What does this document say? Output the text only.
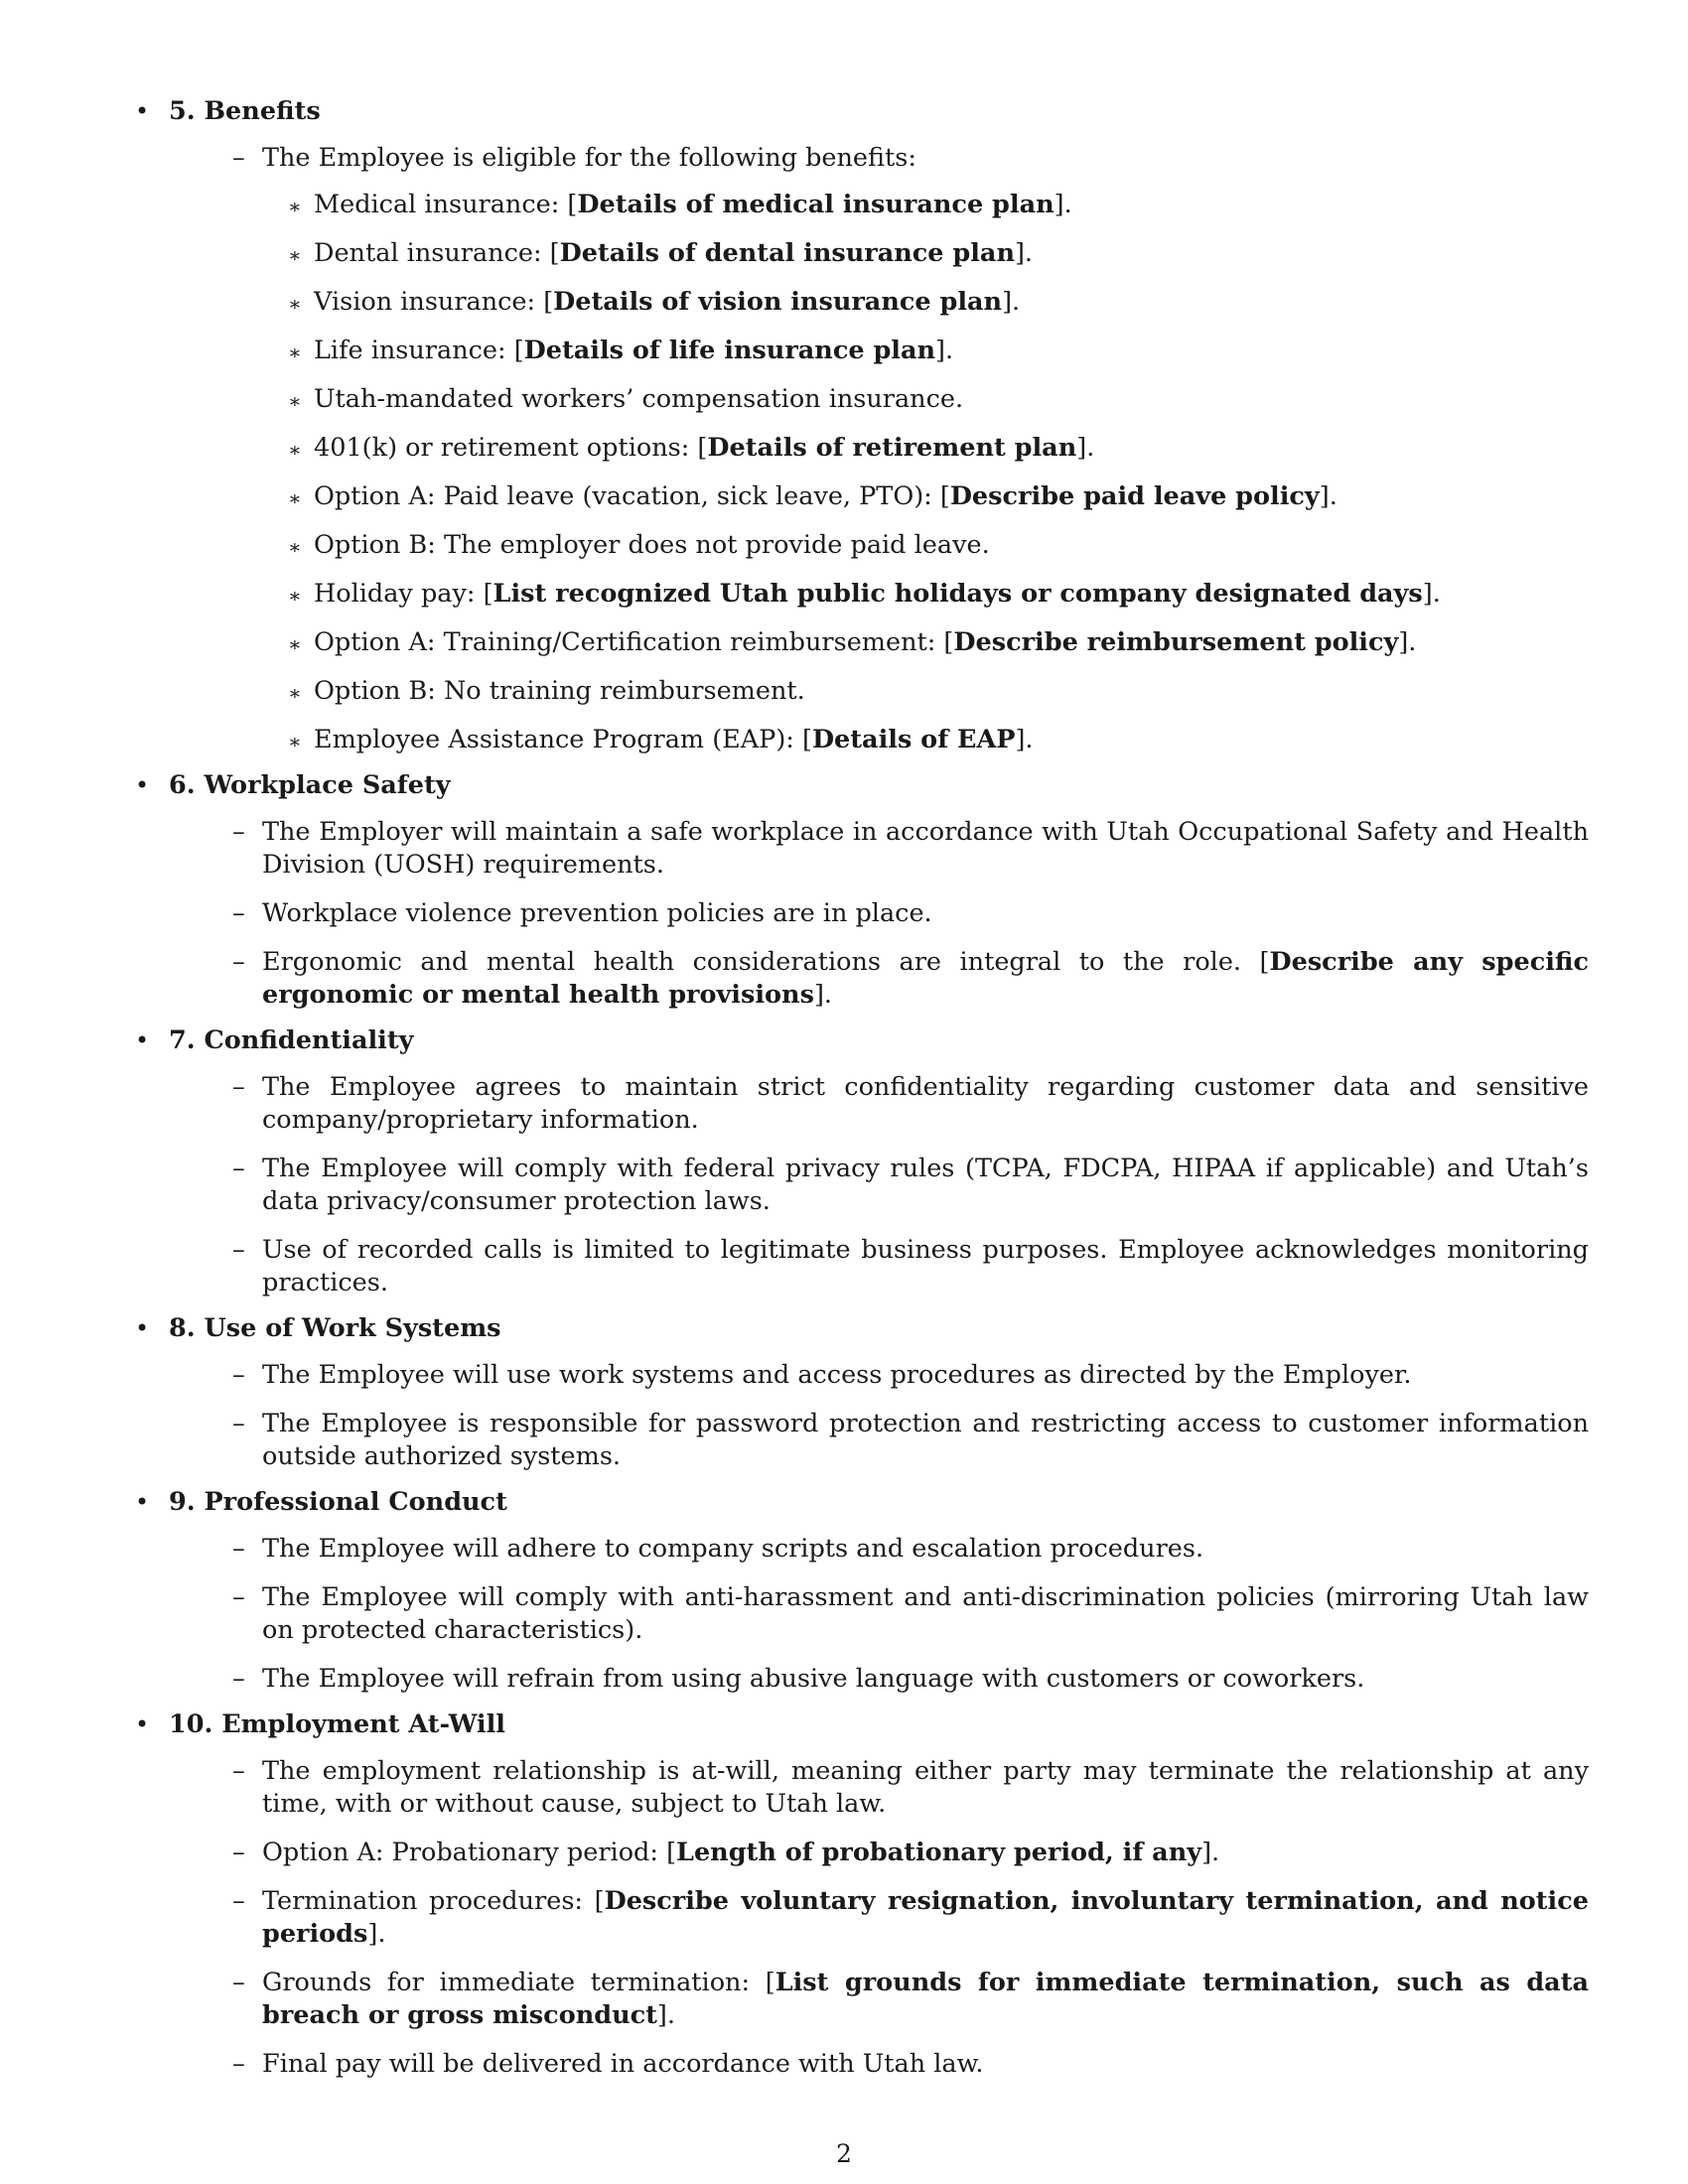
• 5. Benefits
– The Employee is eligible for the following benefits:
∗ Medical insurance: [Details of medical insurance plan].
∗ Dental insurance: [Details of dental insurance plan].
∗ Vision insurance: [Details of vision insurance plan].
∗ Life insurance: [Details of life insurance plan].
∗ Utah-mandated workers’ compensation insurance.
∗ 401(k) or retirement options: [Details of retirement plan].
∗ Option A: Paid leave (vacation, sick leave, PTO): [Describe paid leave policy].
∗ Option B: The employer does not provide paid leave.
∗ Holiday pay: [List recognized Utah public holidays or company designated days].
∗ Option A: Training/Certification reimbursement: [Describe reimbursement policy].
∗ Option B: No training reimbursement.
∗ Employee Assistance Program (EAP): [Details of EAP].
• 6. Workplace Safety
– The Employer will maintain a safe workplace in accordance with Utah Occupational Safety and Health Division (UOSH) requirements.
– Workplace violence prevention policies are in place.
– Ergonomic and mental health considerations are integral to the role. [Describe any specific ergonomic or mental health provisions].
• 7. Confidentiality
– The Employee agrees to maintain strict confidentiality regarding customer data and sensitive company/proprietary information.
– The Employee will comply with federal privacy rules (TCPA, FDCPA, HIPAA if applicable) and Utah’s data privacy/consumer protection laws.
– Use of recorded calls is limited to legitimate business purposes. Employee acknowledges monitoring practices.
• 8. Use of Work Systems
– The Employee will use work systems and access procedures as directed by the Employer.
– The Employee is responsible for password protection and restricting access to customer information outside authorized systems.
• 9. Professional Conduct
– The Employee will adhere to company scripts and escalation procedures.
– The Employee will comply with anti-harassment and anti-discrimination policies (mirroring Utah law on protected characteristics).
– The Employee will refrain from using abusive language with customers or coworkers.
• 10. Employment At-Will
– The employment relationship is at-will, meaning either party may terminate the relationship at any time, with or without cause, subject to Utah law.
– Option A: Probationary period: [Length of probationary period, if any].
– Termination procedures: [Describe voluntary resignation, involuntary termination, and notice periods].
– Grounds for immediate termination: [List grounds for immediate termination, such as data breach or gross misconduct].
– Final pay will be delivered in accordance with Utah law.
2
